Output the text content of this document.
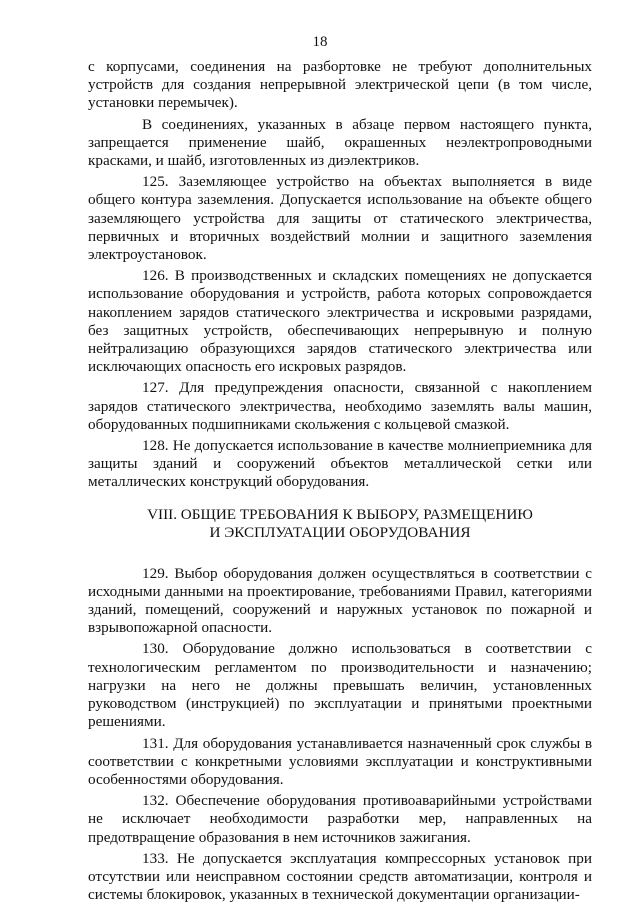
18

с корпусами, соединения на разбортовке не требуют дополнительных устройств для создания непрерывной электрической цепи (в том числе, установки перемычек).

В соединениях, указанных в абзаце первом настоящего пункта, запрещается применение шайб, окрашенных неэлектропроводными красками, и шайб, изготовленных из диэлектриков.

125. Заземляющее устройство на объектах выполняется в виде общего контура заземления. Допускается использование на объекте общего заземляющего устройства для защиты от статического электричества, первичных и вторичных воздействий молнии и защитного заземления электроустановок.

126. В производственных и складских помещениях не допускается использование оборудования и устройств, работа которых сопровождается накоплением зарядов статического электричества и искровыми разрядами, без защитных устройств, обеспечивающих непрерывную и полную нейтрализацию образующихся зарядов статического электричества или исключающих опасность его искровых разрядов.

127. Для предупреждения опасности, связанной с накоплением зарядов статического электричества, необходимо заземлять валы машин, оборудованных подшипниками скольжения с кольцевой смазкой.

128. Не допускается использование в качестве молниеприемника для защиты зданий и сооружений объектов металлической сетки или металлических конструкций оборудования.

VIII. ОБЩИЕ ТРЕБОВАНИЯ К ВЫБОРУ, РАЗМЕЩЕНИЮ
И ЭКСПЛУАТАЦИИ ОБОРУДОВАНИЯ

129. Выбор оборудования должен осуществляться в соответствии с исходными данными на проектирование, требованиями Правил, категориями зданий, помещений, сооружений и наружных установок по пожарной и взрывопожарной опасности.

130. Оборудование должно использоваться в соответствии с технологическим регламентом по производительности и назначению; нагрузки на него не должны превышать величин, установленных руководством (инструкцией) по эксплуатации и принятыми проектными решениями.

131. Для оборудования устанавливается назначенный срок службы в соответствии с конкретными условиями эксплуатации и конструктивными особенностями оборудования.

132. Обеспечение оборудования противоаварийными устройствами не исключает необходимости разработки мер, направленных на предотвращение образования в нем источников зажигания.

133. Не допускается эксплуатация компрессорных установок при отсутствии или неисправном состоянии средств автоматизации, контроля и системы блокировок, указанных в технической документации организации-
